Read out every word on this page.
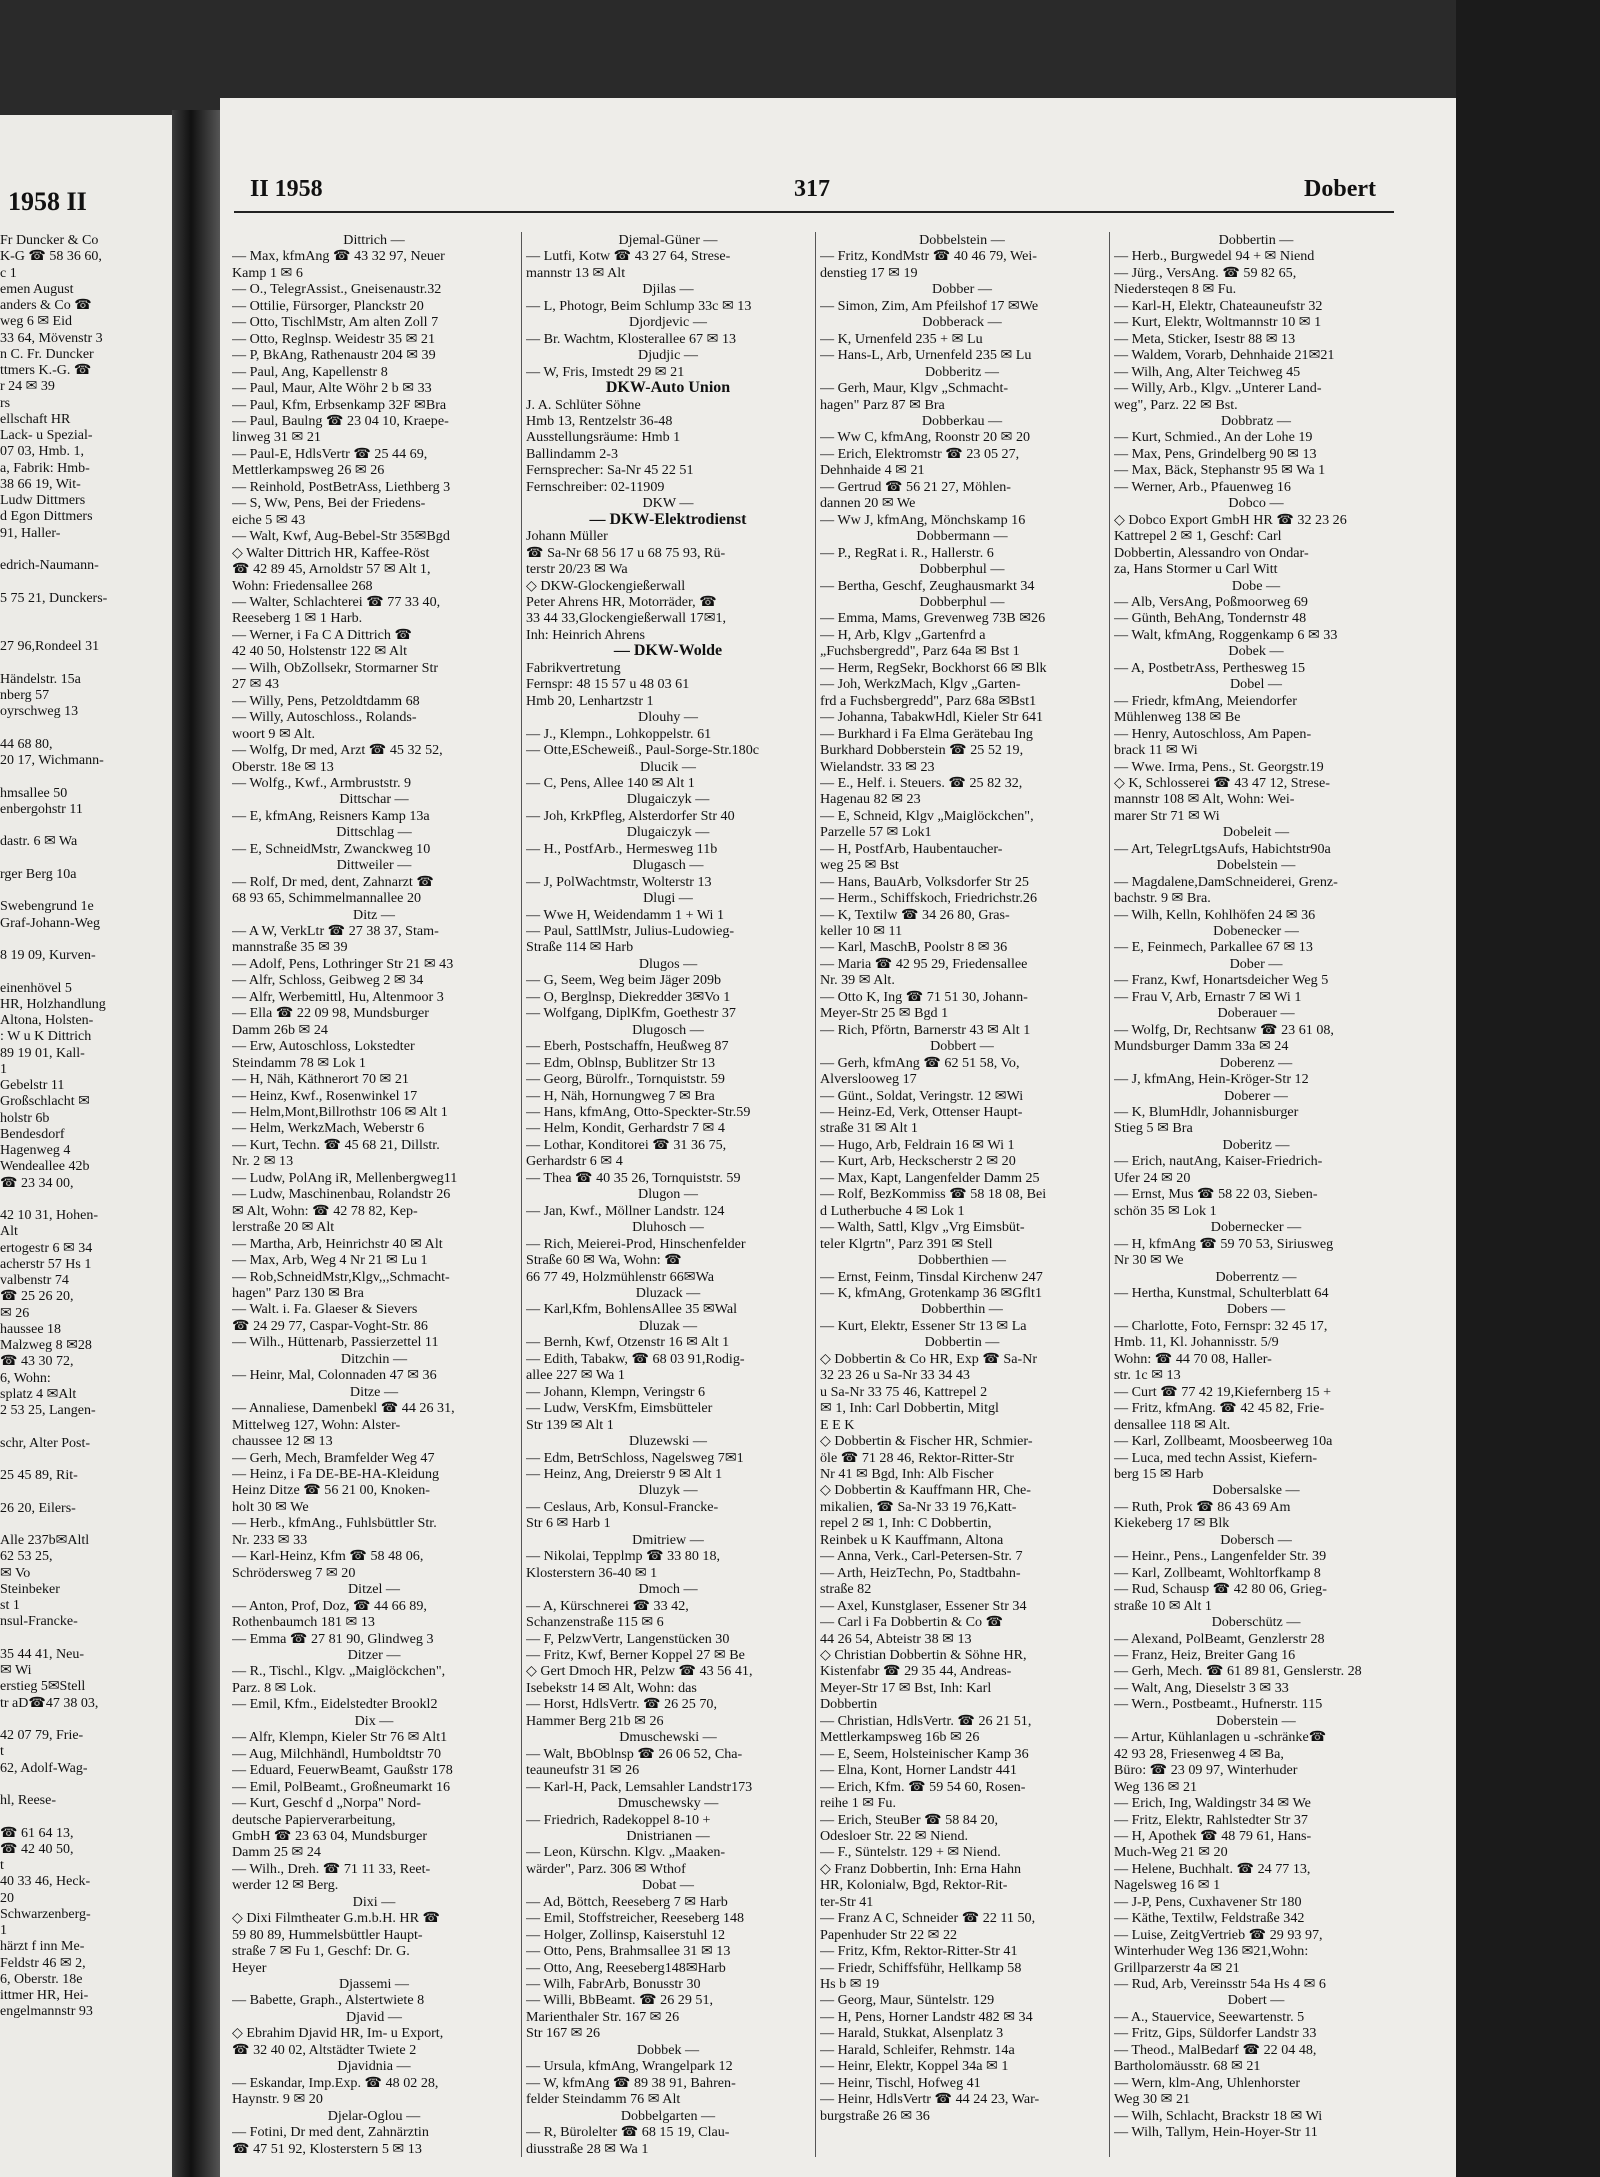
1958 II
Fr Duncker & Co
K-G ☎ 58 36 60,
c 1
emen August
anders & Co ☎
weg 6 ✉ Eid
33 64, Mövenstr 3
n C. Fr. Duncker
ttmers K.-G. ☎
r 24 ✉ 39
rs
ellschaft HR
Lack- u Spezial-
07 03, Hmb. 1,
a, Fabrik: Hmb-
38 66 19, Wit-
Ludw Dittmers
d Egon Dittmers
91, Haller-
edrich-Naumann-
5 75 21, Dunckers-
27 96,Rondeel 31
Händelstr. 15a
nberg 57
oyrschweg 13
44 68 80,
20 17, Wichmann-
hmsallee 50
enbergohstr 11
dastr. 6 ✉ Wa
rger Berg 10a
Swebengrund 1e
Graf-Johann-Weg
8 19 09, Kurven-
einenhövel 5
HR, Holzhandlung
Altona, Holsten-
: W u K Dittrich
89 19 01, Kall-
1
Gebelstr 11
Großschlacht ✉
holstr 6b
Bendesdorf
Hagenweg 4
Wendeallee 42b
☎ 23 34 00,
42 10 31, Hohen-
Alt
ertogestr 6 ✉ 34
acherstr 57 Hs 1
valbenstr 74
☎ 25 26 20,
✉ 26
haussee 18
Malzweg 8 ✉28
☎ 43 30 72,
6, Wohn:
splatz 4 ✉Alt
2 53 25, Langen-
schr, Alter Post-
25 45 89, Rit-
26 20, Eilers-
Alle 237b✉Altl
62 53 25,
✉ Vo
Steinbeker
st 1
nsul-Francke-
35 44 41, Neu-
✉ Wi
erstieg 5✉Stell
tr aD☎47 38 03,
42 07 79, Frie-
t
62, Adolf-Wag-
hl, Reese-
☎ 61 64 13,
☎ 42 40 50,
t
40 33 46, Heck-
20
Schwarzenberg-
1
härzt f inn Me-
Feldstr 46 ✉ 2,
6, Oberstr. 18e
ittmer HR, Hei-
engelmannstr 93
II 1958	317	Dobert
Dittrich —
— Max, kfmAng ☎ 43 32 97, Neuer
Kamp 1 ✉ 6
— O., TelegrAssist., Gneisenaustr.32
— Ottilie, Fürsorger, Planckstr 20
— Otto, TischlMstr, Am alten Zoll 7
— Otto, Reglnsp. Weidestr 35 ✉ 21
— P, BkAng, Rathenaustr 204 ✉ 39
— Paul, Ang, Kapellenstr 8
— Paul, Maur, Alte Wöhr 2 b ✉ 33
— Paul, Kfm, Erbsenkamp 32F ✉Bra
— Paul, Baulng ☎ 23 04 10, Kraepe-
linweg 31 ✉ 21
— Paul-E, HdlsVertr ☎ 25 44 69,
Mettlerkampsweg 26 ✉ 26
— Reinhold, PostBetrAss, Liethberg 3
— S, Ww, Pens, Bei der Friedens-
eiche 5 ✉ 43
— Walt, Kwf, Aug-Bebel-Str 35✉Bgd
◇ Walter Dittrich HR, Kaffee-Röst
☎ 42 89 45, Arnoldstr 57 ✉ Alt 1,
Wohn: Friedensallee 268
— Walter, Schlachterei ☎ 77 33 40,
Reeseberg 1 ✉ 1 Harb.
— Werner, i Fa C A Dittrich ☎
42 40 50, Holstenstr 122 ✉ Alt
— Wilh, ObZollsekr, Stormarner Str
27 ✉ 43
— Willy, Pens, Petzoldtdamm 68
— Willy, Autoschloss., Rolands-
woort 9 ✉ Alt.
— Wolfg, Dr med, Arzt ☎ 45 32 52,
Oberstr. 18e ✉ 13
— Wolfg., Kwf., Armbruststr. 9
Dittschar —
— E, kfmAng, Reisners Kamp 13a
Dittschlag —
— E, SchneidMstr, Zwanckweg 10
Dittweiler —
— Rolf, Dr med, dent, Zahnarzt ☎
68 93 65, Schimmelmannallee 20
Ditz —
— A W, VerkLtr ☎ 27 38 37, Stam-
mannstraße 35 ✉ 39
— Adolf, Pens, Lothringer Str 21 ✉ 43
— Alfr, Schloss, Geibweg 2 ✉ 34
— Alfr, Werbemittl, Hu, Altenmoor 3
— Ella ☎ 22 09 98, Mundsburger
Damm 26b ✉ 24
— Erw, Autoschloss, Lokstedter
Steindamm 78 ✉ Lok 1
— H, Näh, Käthnerort 70 ✉ 21
— Heinz, Kwf., Rosenwinkel 17
— Helm,Mont,Billrothstr 106 ✉ Alt 1
— Helm, WerkzMach, Weberstr 6
— Kurt, Techn. ☎ 45 68 21, Dillstr.
Nr. 2 ✉ 13
— Ludw, PolAng iR, Mellenbergweg11
— Ludw, Maschinenbau, Rolandstr 26
✉ Alt, Wohn: ☎ 42 78 82, Kep-
lerstraße 20 ✉ Alt
— Martha, Arb, Heinrichstr 40 ✉ Alt
— Max, Arb, Weg 4 Nr 21 ✉ Lu 1
— Rob,SchneidMstr,Klgv,,,Schmacht-
hagen" Parz 130 ✉ Bra
— Walt. i. Fa. Glaeser & Sievers
☎ 24 29 77, Caspar-Voght-Str. 86
— Wilh., Hüttenarb, Passierzettel 11
Ditzchin —
— Heinr, Mal, Colonnaden 47 ✉ 36
Ditze —
— Annaliese, Damenbekl ☎ 44 26 31,
Mittelweg 127, Wohn: Alster-
chaussee 12 ✉ 13
— Gerh, Mech, Bramfelder Weg 47
— Heinz, i Fa DE-BE-HA-Kleidung
Heinz Ditze ☎ 56 21 00, Knoken-
holt 30 ✉ We
— Herb., kfmAng., Fuhlsbüttler Str.
Nr. 233 ✉ 33
— Karl-Heinz, Kfm ☎ 58 48 06,
Schrödersweg 7 ✉ 20
Ditzel —
— Anton, Prof, Doz, ☎ 44 66 89,
Rothenbaumch 181 ✉ 13
— Emma ☎ 27 81 90, Glindweg 3
Ditzer —
— R., Tischl., Klgv. „Maiglöckchen",
Parz. 8 ✉ Lok.
— Emil, Kfm., Eidelstedter Brookl2
Dix —
— Alfr, Klempn, Kieler Str 76 ✉ Alt1
— Aug, Milchhändl, Humboldtstr 70
— Eduard, FeuerwBeamt, Gaußstr 178
— Emil, PolBeamt., Großneumarkt 16
— Kurt, Geschf d „Norpa" Nord-
deutsche Papierverarbeitung,
GmbH ☎ 23 63 04, Mundsburger
Damm 25 ✉ 24
— Wilh., Dreh. ☎ 71 11 33, Reet-
werder 12 ✉ Berg.
Dixi —
◇ Dixi Filmtheater G.m.b.H. HR ☎
59 80 89, Hummelsbüttler Haupt-
straße 7 ✉ Fu 1, Geschf: Dr. G.
Heyer
Djassemi —
— Babette, Graph., Alstertwiete 8
Djavid —
◇ Ebrahim Djavid HR, Im- u Export,
☎ 32 40 02, Altstädter Twiete 2
Djavidnia —
— Eskandar, Imp.Exp. ☎ 48 02 28,
Haynstr. 9 ✉ 20
Djelar-Oglou —
— Fotini, Dr med dent, Zahnärztin
☎ 47 51 92, Klosterstern 5 ✉ 13
Djemal-Güner —
— Lutfi, Kotw ☎ 43 27 64, Strese-
mannstr 13 ✉ Alt
Djilas —
— L, Photogr, Beim Schlump 33c ✉ 13
Djordjevic —
— Br. Wachtm, Klosterallee 67 ✉ 13
Djudjic —
— W, Fris, Imstedt 29 ✉ 21
DKW-Auto Union
J. A. Schlüter Söhne
Hmb 13, Rentzelstr 36-48
Ausstellungsräume: Hmb 1
Ballindamm 2-3
Fernsprecher: Sa-Nr 45 22 51
Fernschreiber: 02-11909
DKW —
— DKW-Elektrodienst
Johann Müller
☎ Sa-Nr 68 56 17 u 68 75 93, Rü-
terstr 20/23 ✉ Wa
◇ DKW-Glockengießerwall
Peter Ahrens HR, Motorräder, ☎
33 44 33,Glockengießerwall 17✉1,
Inh: Heinrich Ahrens
— DKW-Wolde
Fabrikvertretung
Fernspr: 48 15 57 u 48 03 61
Hmb 20, Lenhartzstr 1
Dlouhy —
— J., Klempn., Lohkoppelstr. 61
— Otte,EScheweiß., Paul-Sorge-Str.180c
Dlucik —
— C, Pens, Allee 140 ✉ Alt 1
Dlugaiczyk —
— Joh, KrkPfleg, Alsterdorfer Str 40
Dlugaiczyk —
— H., PostfArb., Hermesweg 11b
Dlugasch —
— J, PolWachtmstr, Wolterstr 13
Dlugi —
— Wwe H, Weidendamm 1 + Wi 1
— Paul, SattlMstr, Julius-Ludowieg-
Straße 114 ✉ Harb
Dlugos —
— G, Seem, Weg beim Jäger 209b
— O, Berglnsp, Diekredder 3✉Vo 1
— Wolfgang, DiplKfm, Goethestr 37
Dlugosch —
— Eberh, Postschaffn, Heußweg 87
— Edm, Oblnsp, Bublitzer Str 13
— Georg, Bürolfr., Tornquiststr. 59
— H, Näh, Hornungweg 7 ✉ Bra
— Hans, kfmAng, Otto-Speckter-Str.59
— Helm, Kondit, Gerhardstr 7 ✉ 4
— Lothar, Konditorei ☎ 31 36 75,
Gerhardstr 6 ✉ 4
— Thea ☎ 40 35 26, Tornquiststr. 59
Dlugon —
— Jan, Kwf., Möllner Landstr. 124
Dluhosch —
— Rich, Meierei-Prod, Hinschenfelder
Straße 60 ✉ Wa, Wohn: ☎
66 77 49, Holzmühlenstr 66✉Wa
Dluzack —
— Karl,Kfm, BohlensAllee 35 ✉Wal
Dluzak —
— Bernh, Kwf, Otzenstr 16 ✉ Alt 1
— Edith, Tabakw, ☎ 68 03 91,Rodig-
allee 227 ✉ Wa 1
— Johann, Klempn, Veringstr 6
— Ludw, VersKfm, Eimsbütteler
Str 139 ✉ Alt 1
Dluzewski —
— Edm, BetrSchloss, Nagelsweg 7✉1
— Heinz, Ang, Dreierstr 9 ✉ Alt 1
Dluzyk —
— Ceslaus, Arb, Konsul-Francke-
Str 6 ✉ Harb 1
Dmitriew —
— Nikolai, Tepplmp ☎ 33 80 18,
Klosterstern 36-40 ✉ 1
Dmoch —
— A, Kürschnerei ☎ 33 42,
Schanzenstraße 115 ✉ 6
— F, PelzwVertr, Langenstücken 30
— Fritz, Kwf, Berner Koppel 27 ✉ Be
◇ Gert Dmoch HR, Pelzw ☎ 43 56 41,
Isebekstr 14 ✉ Alt, Wohn: das
— Horst, HdlsVertr. ☎ 26 25 70,
Hammer Berg 21b ✉ 26
Dmuschewski —
— Walt, BbOblnsp ☎ 26 06 52, Cha-
teauneufstr 31 ✉ 26
— Karl-H, Pack, Lemsahler Landstr173
Dmuschewsky —
— Friedrich, Radekoppel 8-10 +
Dnistrianen —
— Leon, Kürschn. Klgv. „Maaken-
wärder", Parz. 306 ✉ Wthof
Dobat —
— Ad, Böttch, Reeseberg 7 ✉ Harb
— Emil, Stoffstreicher, Reeseberg 148
— Holger, Zollinsp, Kaiserstuhl 12
— Otto, Pens, Brahmsallee 31 ✉ 13
— Otto, Ang, Reeseberg148✉Harb
— Wilh, FabrArb, Bonusstr 30
— Willi, BbBeamt. ☎ 26 29 51,
Marienthaler Str. 167 ✉ 26
Str 167 ✉ 26
Dobbek —
— Ursula, kfmAng, Wrangelpark 12
— W, kfmAng ☎ 89 38 91, Bahren-
felder Steindamm 76 ✉ Alt
Dobbelgarten —
— R, Bürolelter ☎ 68 15 19, Clau-
diusstraße 28 ✉ Wa 1
Dobbelstein —
— Fritz, KondMstr ☎ 40 46 79, Wei-
denstieg 17 ✉ 19
Dobber —
— Simon, Zim, Am Pfeilshof 17 ✉We
Dobberack —
— K, Urnenfeld 235 + ✉ Lu
— Hans-L, Arb, Urnenfeld 235 ✉ Lu
Dobberitz —
— Gerh, Maur, Klgv „Schmacht-
hagen" Parz 87 ✉ Bra
Dobberkau —
— Ww C, kfmAng, Roonstr 20 ✉ 20
— Erich, Elektromstr ☎ 23 05 27,
Dehnhaide 4 ✉ 21
— Gertrud ☎ 56 21 27, Möhlen-
dannen 20 ✉ We
— Ww J, kfmAng, Mönchskamp 16
Dobbermann —
— P., RegRat i. R., Hallerstr. 6
Dobberphul —
— Bertha, Geschf, Zeughausmarkt 34
Dobberphul —
— Emma, Mams, Grevenweg 73B ✉26
— H, Arb, Klgv „Gartenfrd a
„Fuchsbergredd", Parz 64a ✉ Bst 1
— Herm, RegSekr, Bockhorst 66 ✉ Blk
— Joh, WerkzMach, Klgv „Garten-
frd a Fuchsbergredd", Parz 68a ✉Bst1
— Johanna, TabakwHdl, Kieler Str 641
— Burkhard i Fa Elma Gerätebau Ing
Burkhard Dobberstein ☎ 25 52 19,
Wielandstr. 33 ✉ 23
— E., Helf. i. Steuers. ☎ 25 82 32,
Hagenau 82 ✉ 23
— E, Schneid, Klgv „Maiglöckchen",
Parzelle 57 ✉ Lok1
— H, PostfArb, Haubentaucher-
weg 25 ✉ Bst
— Hans, BauArb, Volksdorfer Str 25
— Herm., Schiffskoch, Friedrichstr.26
— K, Textilw ☎ 34 26 80, Gras-
keller 10 ✉ 11
— Karl, MaschB, Poolstr 8 ✉ 36
— Maria ☎ 42 95 29, Friedensallee
Nr. 39 ✉ Alt.
— Otto K, Ing ☎ 71 51 30, Johann-
Meyer-Str 25 ✉ Bgd 1
— Rich, Pförtn, Barnerstr 43 ✉ Alt 1
Dobbert —
— Gerh, kfmAng ☎ 62 51 58, Vo,
Alverslooweg 17
— Günt., Soldat, Veringstr. 12 ✉Wi
— Heinz-Ed, Verk, Ottenser Haupt-
straße 31 ✉ Alt 1
— Hugo, Arb, Feldrain 16 ✉ Wi 1
— Kurt, Arb, Heckscherstr 2 ✉ 20
— Max, Kapt, Langenfelder Damm 25
— Rolf, BezKommiss ☎ 58 18 08, Bei
d Lutherbuche 4 ✉ Lok 1
— Walth, Sattl, Klgv „Vrg Eimsbüt-
teler Klgrtn", Parz 391 ✉ Stell
Dobberthien —
— Ernst, Feinm, Tinsdal Kirchenw 247
— K, kfmAng, Grotenkamp 36 ✉Gflt1
Dobberthin —
— Kurt, Elektr, Essener Str 13 ✉ La
Dobbertin —
◇ Dobbertin & Co HR, Exp ☎ Sa-Nr
32 23 26 u Sa-Nr 33 34 43
u Sa-Nr 33 75 46, Kattrepel 2
✉ 1, Inh: Carl Dobbertin, Mitgl
E E K
◇ Dobbertin & Fischer HR, Schmier-
öle ☎ 71 28 46, Rektor-Ritter-Str
Nr 41 ✉ Bgd, Inh: Alb Fischer
◇ Dobbertin & Kauffmann HR, Che-
mikalien, ☎ Sa-Nr 33 19 76,Katt-
repel 2 ✉ 1, Inh: C Dobbertin,
Reinbek u K Kauffmann, Altona
— Anna, Verk., Carl-Petersen-Str. 7
— Arth, HeizTechn, Po, Stadtbahn-
straße 82
— Axel, Kunstglaser, Essener Str 34
— Carl i Fa Dobbertin & Co ☎
44 26 54, Abteistr 38 ✉ 13
◇ Christian Dobbertin & Söhne HR,
Kistenfabr ☎ 29 35 44, Andreas-
Meyer-Str 17 ✉ Bst, Inh: Karl
Dobbertin
— Christian, HdlsVertr. ☎ 26 21 51,
Mettlerkampsweg 16b ✉ 26
— E, Seem, Holsteinischer Kamp 36
— Elna, Kont, Horner Landstr 441
— Erich, Kfm. ☎ 59 54 60, Rosen-
reihe 1 ✉ Fu.
— Erich, SteuBer ☎ 58 84 20,
Odesloer Str. 22 ✉ Niend.
— F., Süntelstr. 129 + ✉ Niend.
◇ Franz Dobbertin, Inh: Erna Hahn
HR, Kolonialw, Bgd, Rektor-Rit-
ter-Str 41
— Franz A C, Schneider ☎ 22 11 50,
Papenhuder Str 22 ✉ 22
— Fritz, Kfm, Rektor-Ritter-Str 41
— Friedr, Schiffsführ, Hellkamp 58
Hs b ✉ 19
— Georg, Maur, Süntelstr. 129
— H, Pens, Horner Landstr 482 ✉ 34
— Harald, Stukkat, Alsenplatz 3
— Harald, Schleifer, Rehmstr. 14a
— Heinr, Elektr, Koppel 34a ✉ 1
— Heinr, Tischl, Hofweg 41
— Heinr, HdlsVertr ☎ 44 24 23, War-
burgstraße 26 ✉ 36
Dobbertin —
— Herb., Burgwedel 94 + ✉ Niend
— Jürg., VersAng. ☎ 59 82 65,
Niedersteqen 8 ✉ Fu.
— Karl-H, Elektr, Chateauneufstr 32
— Kurt, Elektr, Woltmannstr 10 ✉ 1
— Meta, Sticker, Isestr 88 ✉ 13
— Waldem, Vorarb, Dehnhaide 21✉21
— Wilh, Ang, Alter Teichweg 45
— Willy, Arb., Klgv. „Unterer Land-
weg", Parz. 22 ✉ Bst.
Dobbratz —
— Kurt, Schmied., An der Lohe 19
— Max, Pens, Grindelberg 90 ✉ 13
— Max, Bäck, Stephanstr 95 ✉ Wa 1
— Werner, Arb., Pfauenweg 16
Dobco —
◇ Dobco Export GmbH HR ☎ 32 23 26
Kattrepel 2 ✉ 1, Geschf: Carl
Dobbertin, Alessandro von Ondar-
za, Hans Stormer u Carl Witt
Dobe —
— Alb, VersAng, Poßmoorweg 69
— Günth, BehAng, Tondernstr 48
— Walt, kfmAng, Roggenkamp 6 ✉ 33
Dobek —
— A, PostbetrAss, Perthesweg 15
Dobel —
— Friedr, kfmAng, Meiendorfer
Mühlenweg 138 ✉ Be
— Henry, Autoschloss, Am Papen-
brack 11 ✉ Wi
— Wwe. Irma, Pens., St. Georgstr.19
◇ K, Schlosserei ☎ 43 47 12, Strese-
mannstr 108 ✉ Alt, Wohn: Wei-
marer Str 71 ✉ Wi
Dobeleit —
— Art, TelegrLtgsAufs, Habichtstr90a
Dobelstein —
— Magdalene,DamSchneiderei, Grenz-
bachstr. 9 ✉ Bra.
— Wilh, Kelln, Kohlhöfen 24 ✉ 36
Dobenecker —
— E, Feinmech, Parkallee 67 ✉ 13
Dober —
— Franz, Kwf, Honartsdeicher Weg 5
— Frau V, Arb, Ernastr 7 ✉ Wi 1
Doberauer —
— Wolfg, Dr, Rechtsanw ☎ 23 61 08,
Mundsburger Damm 33a ✉ 24
Doberenz —
— J, kfmAng, Hein-Kröger-Str 12
Doberer —
— K, BlumHdlr, Johannisburger
Stieg 5 ✉ Bra
Doberitz —
— Erich, nautAng, Kaiser-Friedrich-
Ufer 24 ✉ 20
— Ernst, Mus ☎ 58 22 03, Sieben-
schön 35 ✉ Lok 1
Dobernecker —
— H, kfmAng ☎ 59 70 53, Siriusweg
Nr 30 ✉ We
Doberrentz —
— Hertha, Kunstmal, Schulterblatt 64
Dobers —
— Charlotte, Foto, Fernspr: 32 45 17,
Hmb. 11, Kl. Johannisstr. 5/9
Wohn: ☎ 44 70 08, Haller-
str. 1c ✉ 13
— Curt ☎ 77 42 19,Kiefernberg 15 +
— Fritz, kfmAng. ☎ 42 45 82, Frie-
densallee 118 ✉ Alt.
— Karl, Zollbeamt, Moosbeerweg 10a
— Luca, med techn Assist, Kiefern-
berg 15 ✉ Harb
Dobersalske —
— Ruth, Prok ☎ 86 43 69 Am
Kiekeberg 17 ✉ Blk
Dobersch —
— Heinr., Pens., Langenfelder Str. 39
— Karl, Zollbeamt, Wohltorfkamp 8
— Rud, Schausp ☎ 42 80 06, Grieg-
straße 10 ✉ Alt 1
Doberschütz —
— Alexand, PolBeamt, Genzlerstr 28
— Franz, Heiz, Breiter Gang 16
— Gerh, Mech. ☎ 61 89 81, Genslerstr. 28
— Walt, Ang, Dieselstr 3 ✉ 33
— Wern., Postbeamt., Hufnerstr. 115
Doberstein —
— Artur, Kühlanlagen u -schränke☎
42 93 28, Friesenweg 4 ✉ Ba,
Büro: ☎ 23 09 97, Winterhuder
Weg 136 ✉ 21
— Erich, Ing, Waldingstr 34 ✉ We
— Fritz, Elektr, Rahlstedter Str 37
— H, Apothek ☎ 48 79 61, Hans-
Much-Weg 21 ✉ 20
— Helene, Buchhalt. ☎ 24 77 13,
Nagelsweg 16 ✉ 1
— J-P, Pens, Cuxhavener Str 180
— Käthe, Textilw, Feldstraße 342
— Luise, ZeitgVertrieb ☎ 29 93 97,
Winterhuder Weg 136 ✉21,Wohn:
Grillparzerstr 4a ✉ 21
— Rud, Arb, Vereinsstr 54a Hs 4 ✉ 6
Dobert —
— A., Stauervice, Seewartenstr. 5
— Fritz, Gips, Süldorfer Landstr 33
— Theod., MalBedarf ☎ 22 04 48,
Bartholomäusstr. 68 ✉ 21
— Wern, klm-Ang, Uhlenhorster
Weg 30 ✉ 21
— Wilh, Schlacht, Brackstr 18 ✉ Wi
— Wilh, Tallym, Hein-Hoyer-Str 11
